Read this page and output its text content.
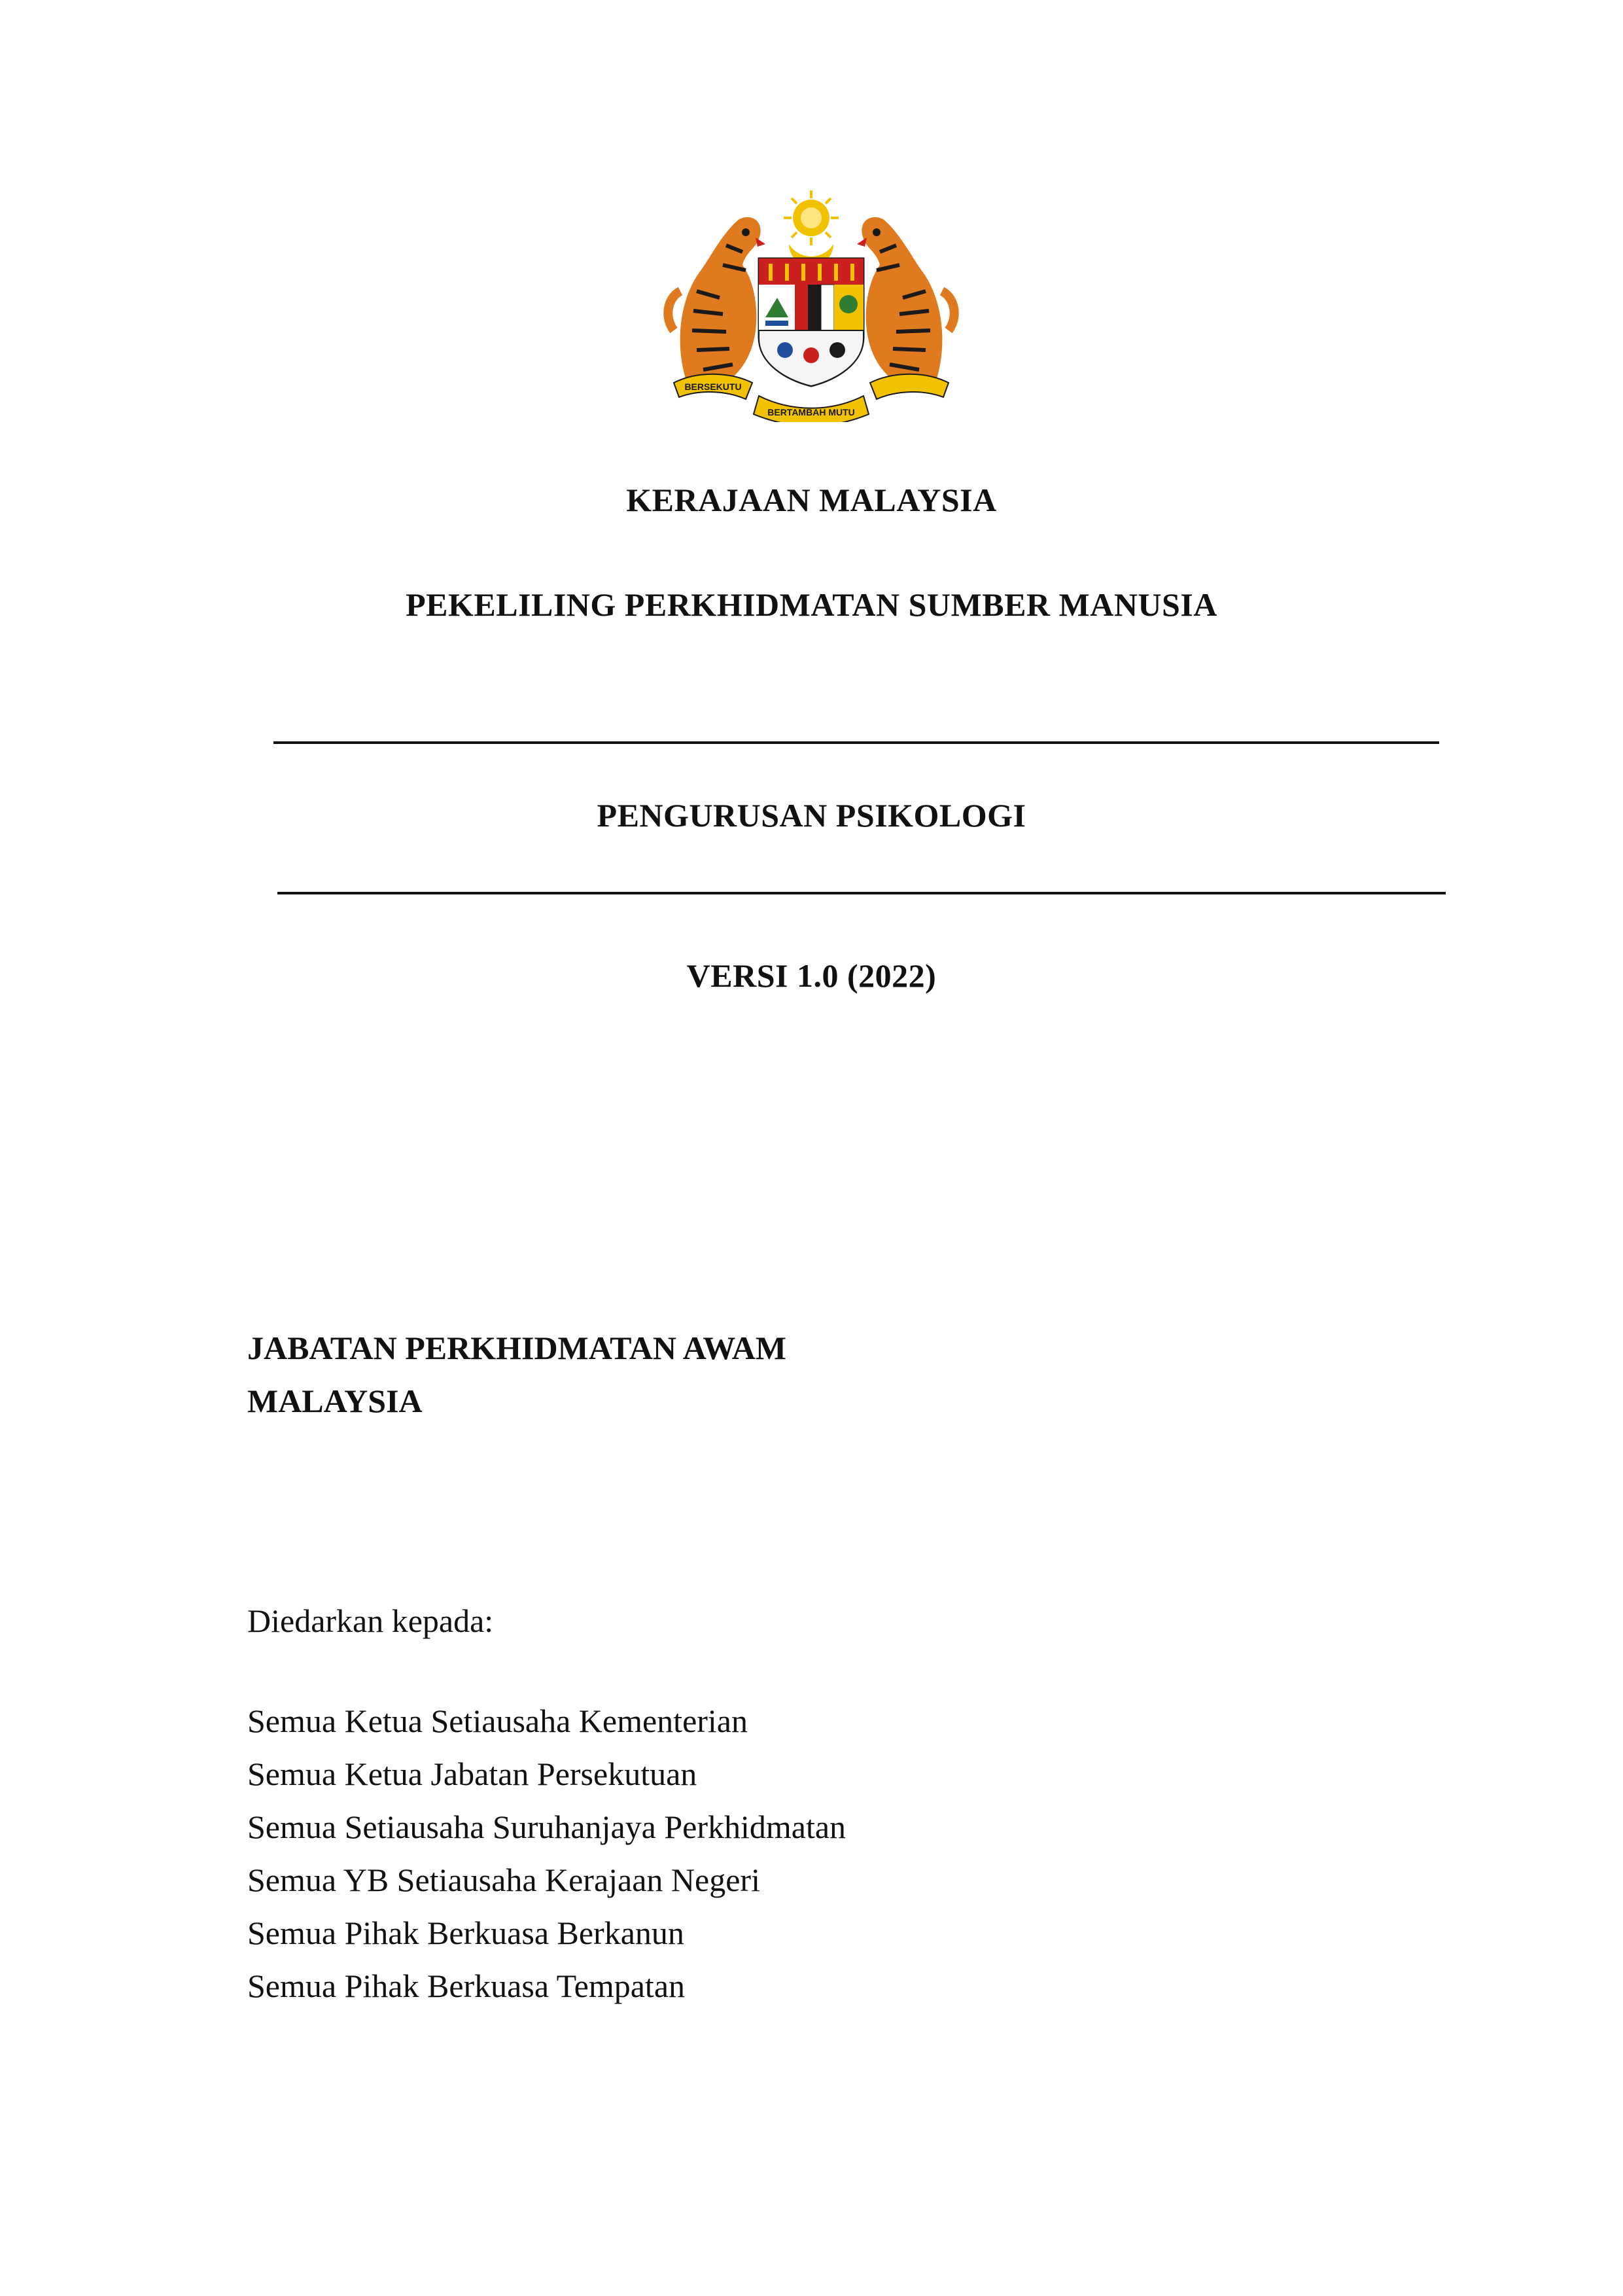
BERSEKUTU
BERTAMBAH MUTU
KERAJAAN MALAYSIA
PEKELILING PERKHIDMATAN SUMBER MANUSIA
PENGURUSAN PSIKOLOGI
VERSI 1.0 (2022)
JABATAN PERKHIDMATAN AWAM
MALAYSIA
Diedarkan kepada:
Semua Ketua Setiausaha Kementerian
Semua Ketua Jabatan Persekutuan
Semua Setiausaha Suruhanjaya Perkhidmatan
Semua YB Setiausaha Kerajaan Negeri
Semua Pihak Berkuasa Berkanun
Semua Pihak Berkuasa Tempatan
